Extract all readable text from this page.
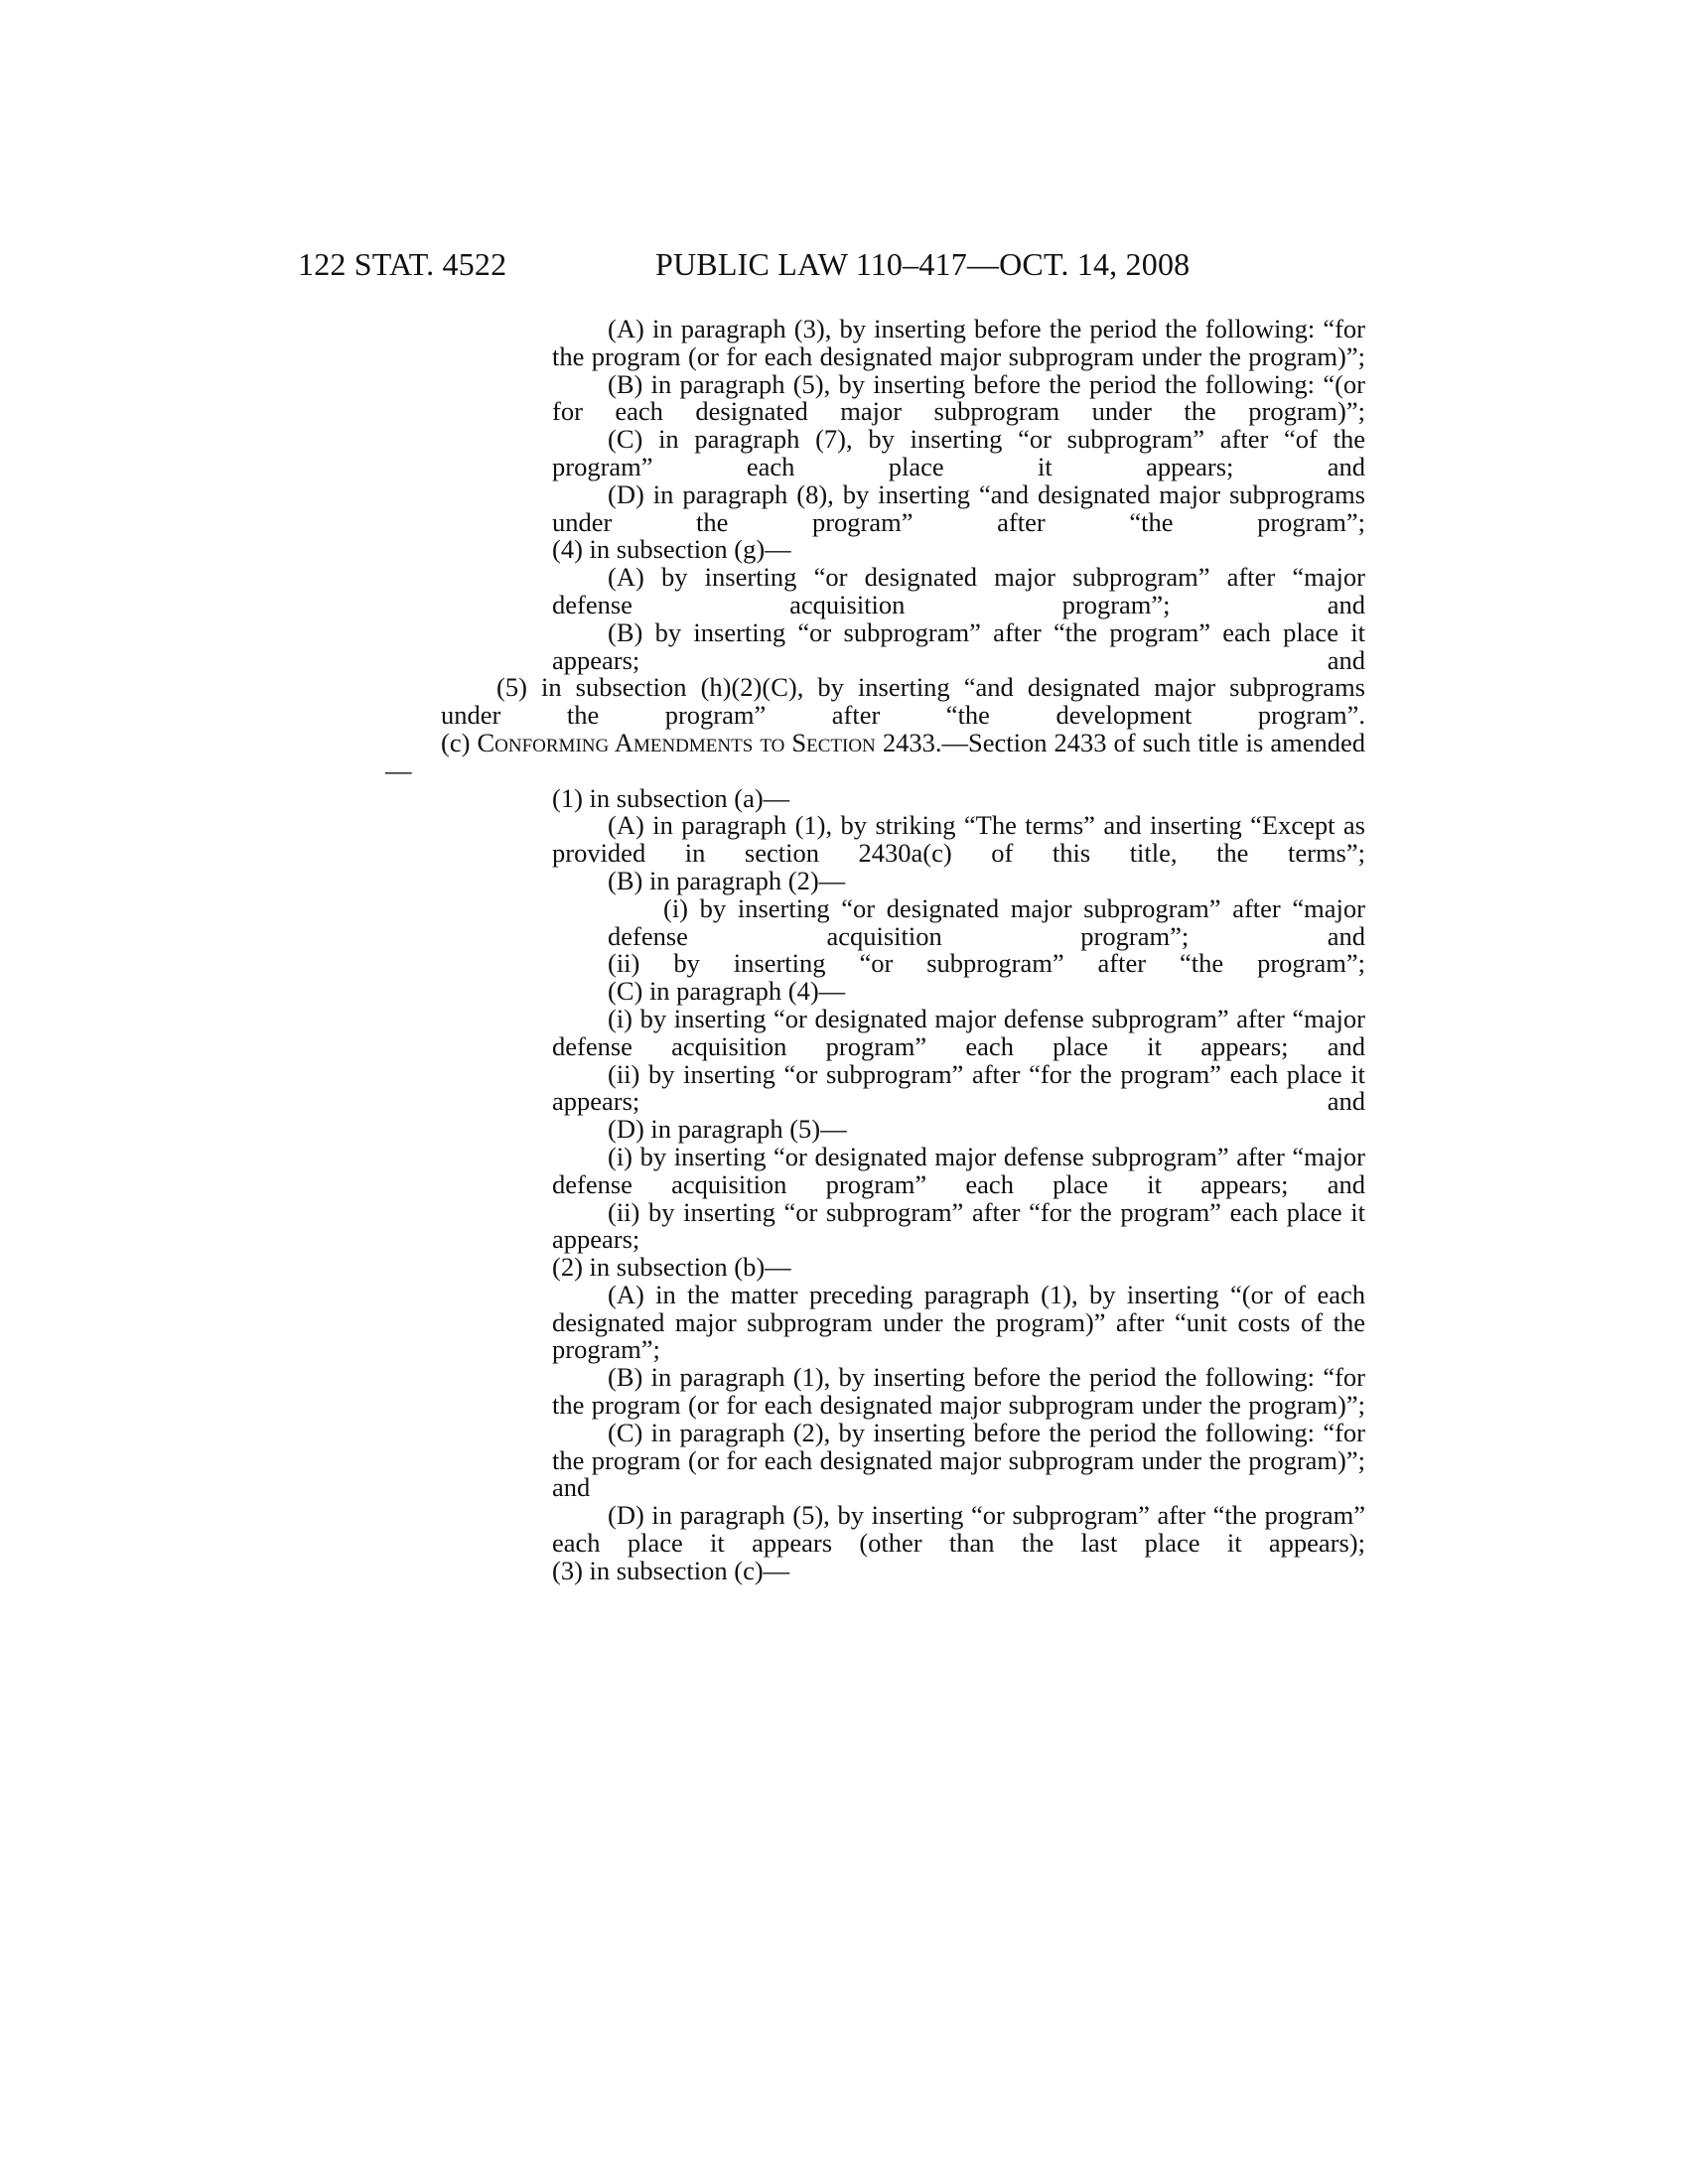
122 STAT. 4522	PUBLIC LAW 110–417—OCT. 14, 2008

(A) in paragraph (3), by inserting before the period the following: “for the program (or for each designated major subprogram under the program)”;

(B) in paragraph (5), by inserting before the period the following: “(or for each designated major subprogram under the program)”;

(C) in paragraph (7), by inserting “or subprogram” after “of the program” each place it appears; and

(D) in paragraph (8), by inserting “and designated major subprograms under the program” after “the program”;

(4) in subsection (g)—

(A) by inserting “or designated major subprogram” after “major defense acquisition program”; and

(B) by inserting “or subprogram” after “the program” each place it appears; and

(5) in subsection (h)(2)(C), by inserting “and designated major subprograms under the program” after “the development program”.

(c) Conforming Amendments to Section 2433.—Section 2433 of such title is amended—

(1) in subsection (a)—

(A) in paragraph (1), by striking “The terms” and inserting “Except as provided in section 2430a(c) of this title, the terms”;

(B) in paragraph (2)—

(i) by inserting “or designated major subprogram” after “major defense acquisition program”; and

(ii) by inserting “or subprogram” after “the program”;

(C) in paragraph (4)—

(i) by inserting “or designated major defense subprogram” after “major defense acquisition program” each place it appears; and

(ii) by inserting “or subprogram” after “for the program” each place it appears; and

(D) in paragraph (5)—

(i) by inserting “or designated major defense subprogram” after “major defense acquisition program” each place it appears; and

(ii) by inserting “or subprogram” after “for the program” each place it appears;

(2) in subsection (b)—

(A) in the matter preceding paragraph (1), by inserting “(or of each designated major subprogram under the program)” after “unit costs of the program”;

(B) in paragraph (1), by inserting before the period the following: “for the program (or for each designated major subprogram under the program)”;

(C) in paragraph (2), by inserting before the period the following: “for the program (or for each designated major subprogram under the program)”; and

(D) in paragraph (5), by inserting “or subprogram” after “the program” each place it appears (other than the last place it appears);

(3) in subsection (c)—
